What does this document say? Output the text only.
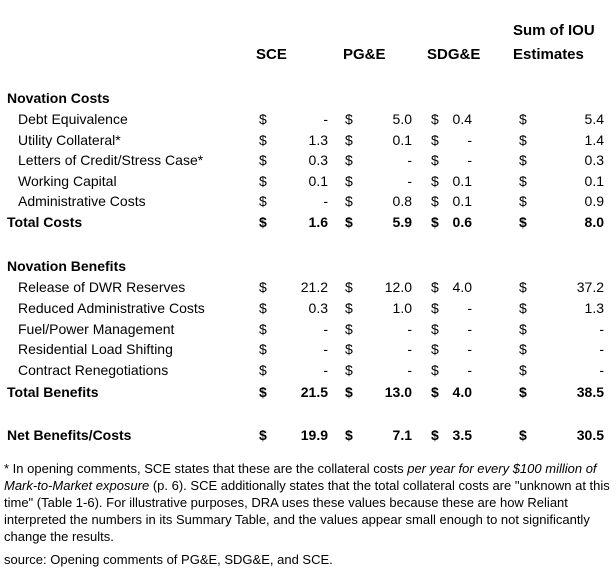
SCE	PG&E	SDG&E
Sum of IOU
Estimates
Novation Costs
Debt Equivalence	$	- $	5.0 $ 0.4	$	5.4
Utility Collateral*	$	1.3 $	0.1 $ -	$	1.4
Letters of Credit/Stress Case*	$	0.3 $	- $ -	$	0.3
Working Capital	$	0.1 $	- $ 0.1	$	0.1
Administrative Costs	$	- $	0.8 $ 0.1	$	0.9
Total Costs	$	1.6 $	5.9 $ 0.6	$	8.0
Novation Benefits
Release of DWR Reserves	$ 21.2 $ 12.0 $ 4.0	$	37.2
Reduced Administrative Costs	$	0.3 $	1.0 $ -	$	1.3
Fuel/Power Management	$	- $	- $ -	$	-
Residential Load Shifting	$	- $	- $ -	$	-
Contract Renegotiations	$	- $	- $ -	$	-
Total Benefits	$ 21.5 $ 13.0 $ 4.0	$	38.5
Net Benefits/Costs	$ 19.9 $	7.1 $ 3.5	$	30.5
* In opening comments, SCE states that these are the collateral costs per year for every $100 million of Mark-to-Market exposure (p. 6). SCE additionally states that the total collateral costs are "unknown at this time" (Table 1-6). For illustrative purposes, DRA uses these values because these are how Reliant interpreted the numbers in its Summary Table, and the values appear small enough to not significantly change the results.
source: Opening comments of PG&E, SDG&E, and SCE.
